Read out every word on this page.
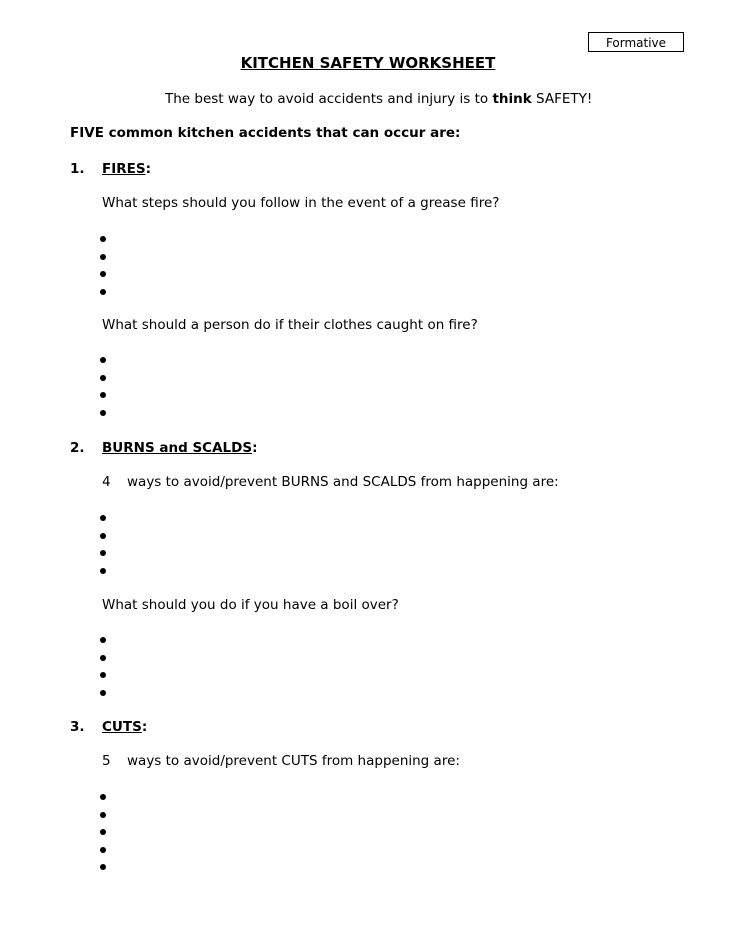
Formative
KITCHEN SAFETY WORKSHEET
The best way to avoid accidents and injury is to think SAFETY!
FIVE common kitchen accidents that can occur are:
1. FIRES:
What steps should you follow in the event of a grease fire?
What should a person do if their clothes caught on fire?
2. BURNS and SCALDS:
4 ways to avoid/prevent BURNS and SCALDS from happening are:
What should you do if you have a boil over?
3. CUTS:
5 ways to avoid/prevent CUTS from happening are:
